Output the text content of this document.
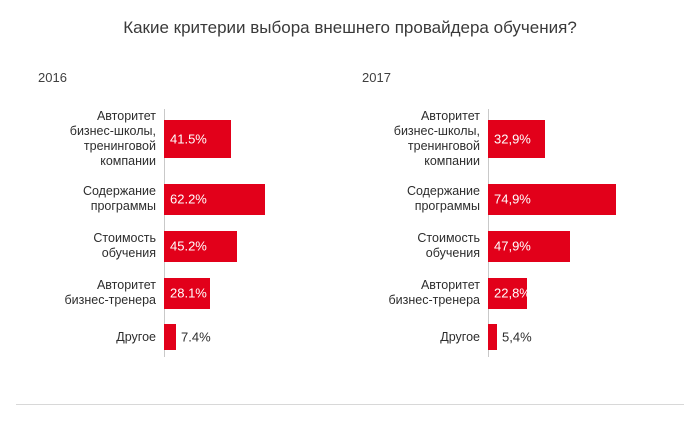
Какие критерии выбора внешнего провайдера обучения?
2016
Авторитет
бизнес-школы,
тренинговой
компании
41.5%
Содержание
программы 62.2%
Стоимость
обучения 45.2%
Авторитет
бизнес-тренера 28.1%
Другое 7.4%
2017
Авторитет
бизнес-школы,
тренинговой
компании
32,9%
Содержание
программы 74,9%
Стоимость
обучения 47,9%
Авторитет
бизнес-тренера 22,8%
Другое 5,4%
